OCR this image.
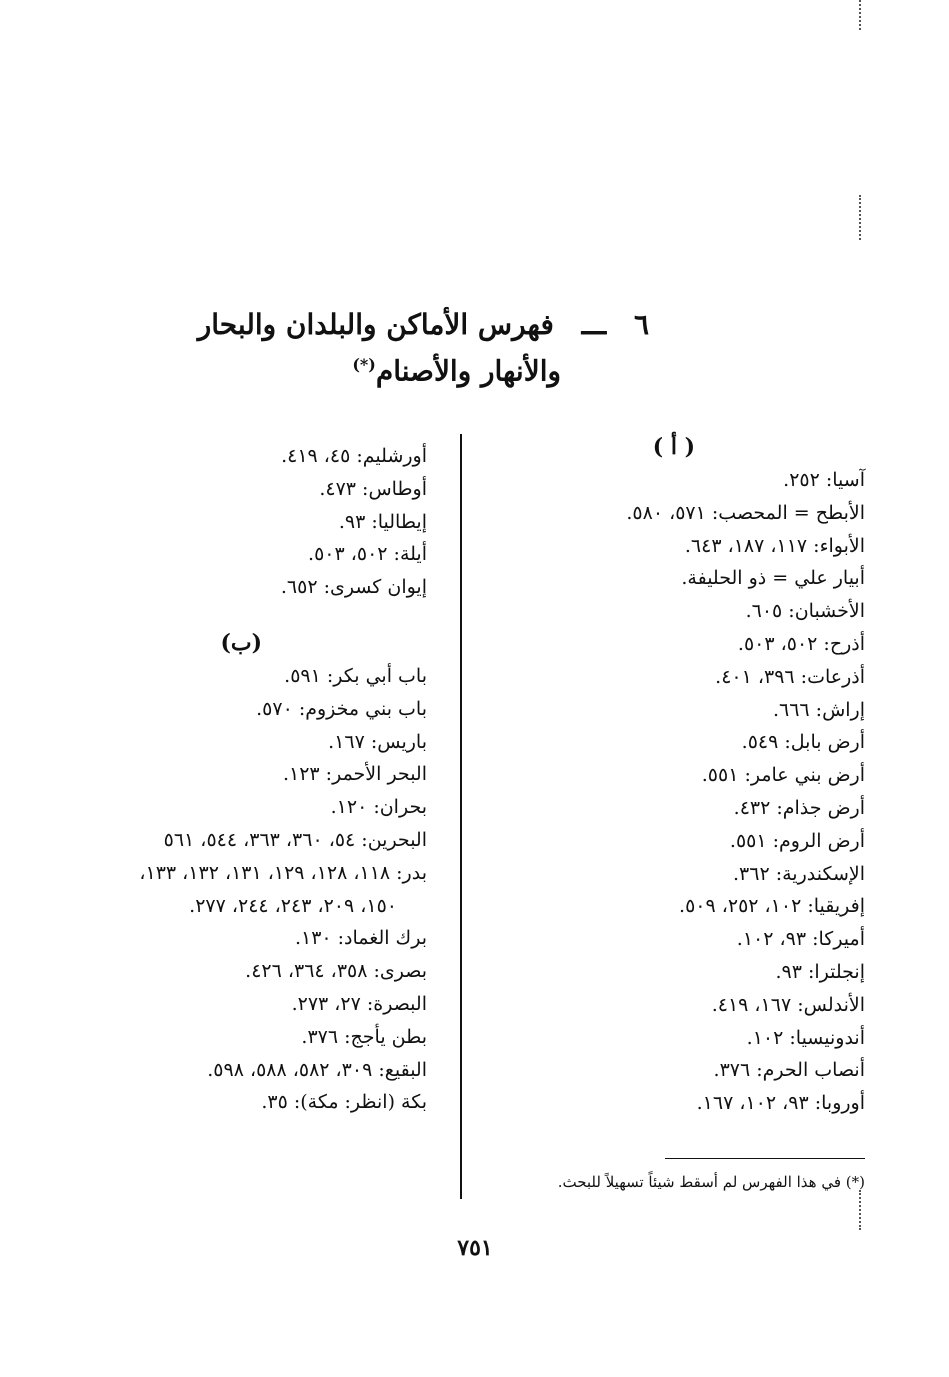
٦ ـــ فهرس الأماكن والبلدان والبحار
والأنهار والأصنام(*)
( أ )
آسيا: ٢٥٢.
الأبطح = المحصب: ٥٧١، ٥٨٠.
الأبواء: ١١٧، ١٨٧، ٦٤٣.
أبيار علي = ذو الحليفة.
الأخشبان: ٦٠٥.
أذرح: ٥٠٢، ٥٠٣.
أذرعات: ٣٩٦، ٤٠١.
إراش: ٦٦٦.
أرض بابل: ٥٤٩.
أرض بني عامر: ٥٥١.
أرض جذام: ٤٣٢.
أرض الروم: ٥٥١.
الإسكندرية: ٣٦٢.
إفريقيا: ١٠٢، ٢٥٢، ٥٠٩.
أميركا: ٩٣، ١٠٢.
إنجلترا: ٩٣.
الأندلس: ١٦٧، ٤١٩.
أندونيسيا: ١٠٢.
أنصاب الحرم: ٣٧٦.
أوروبا: ٩٣، ١٠٢، ١٦٧.
أورشليم: ٤٥، ٤١٩.
أوطاس: ٤٧٣.
إيطاليا: ٩٣.
أيلة: ٥٠٢، ٥٠٣.
إيوان كسرى: ٦٥٢.
(ب)
باب أبي بكر: ٥٩١.
باب بني مخزوم: ٥٧٠.
باريس: ١٦٧.
البحر الأحمر: ١٢٣.
بحران: ١٢٠.
البحرين: ٥٤، ٣٦٠، ٣٦٣، ٥٤٤، ٥٦١
بدر: ١١٨، ١٢٨، ١٢٩، ١٣١، ١٣٢، ١٣٣،
١٥٠، ٢٠٩، ٢٤٣، ٢٤٤، ٢٧٧.
برك الغماد: ١٣٠.
بصرى: ٣٥٨، ٣٦٤، ٤٢٦.
البصرة: ٢٧، ٢٧٣.
بطن يأجج: ٣٧٦.
البقيع: ٣٠٩، ٥٨٢، ٥٨٨، ٥٩٨.
بكة (انظر: مكة): ٣٥.
(*) في هذا الفهرس لم أسقط شيئاً تسهيلاً للبحث.
٧٥١
